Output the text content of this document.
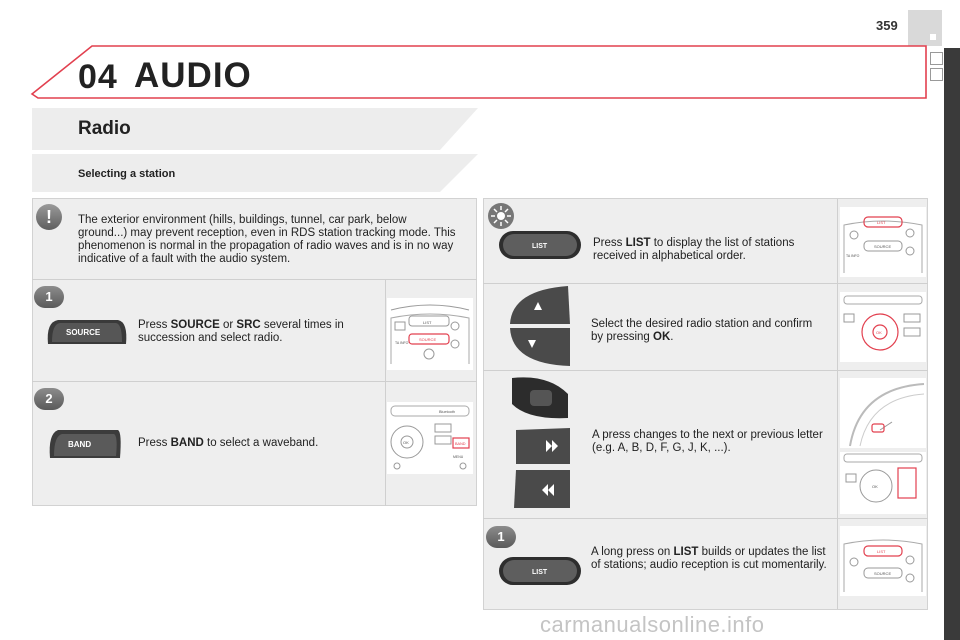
359
04 AUDIO
Radio
Selecting a station
!	The exterior environment (hills, buildings, tunnel, car park, below ground...) may prevent reception, even in RDS station tracking mode. This phenomenon is normal in the propagation of radio waves and is in no way indicative of a fault with the audio system.
1
SOURCE
Press SOURCE or SRC several times in succession and select radio.
LIST
SOURCE
TA INFO
2
BAND	Press BAND to select a waveband.
Bluetooth
OK	BAND
MENU
LIST	Press LIST to display the list of stations received in alphabetical order.
LIST
SOURCE
TA INFO
Select the desired radio station and confirm by pressing OK.	OK
A press changes to the next or previous letter (e.g. A, B, D, F, G, J, K, ...).
OK
1
LIST
A long press on LIST builds or updates the list of stations; audio reception is cut momentarily.
LIST
SOURCE
carmanualsonline.info
